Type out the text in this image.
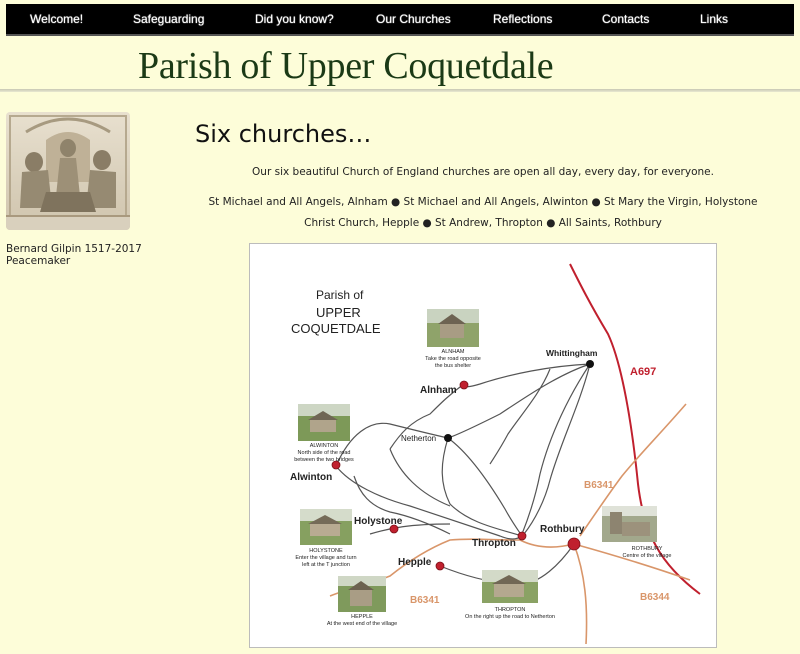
Welcome!	Safeguarding	Did you know?	Our Churches	Reflections	Contacts	Links
Parish of Upper Coquetdale
Bernard Gilpin 1517-2017
Peacemaker
Six churches…
Our six beautiful Church of England churches are open all day, every day, for everyone.
St Michael and All Angels, Alnham ● St Michael and All Angels, Alwinton ● St Mary the Virgin, Holystone
Christ Church, Hepple ● St Andrew, Thropton ● All Saints, Rothbury
Parish of
UPPER
COQUETDALE
A697
B6341
B6341	B6344
Whittingham
Netherton
Alnham
Alwinton
Holystone
Hepple
Thropton
Rothbury
ALNHAM
Take the road opposite
the bus shelter
ALWINTON
North side of the road
between the two bridges
HOLYSTONE
Enter the village and turn
left at the T junction
HEPPLE
At the west end of the village
THROPTON
On the right up the road to Netherton
ROTHBURY
Centre of the village
